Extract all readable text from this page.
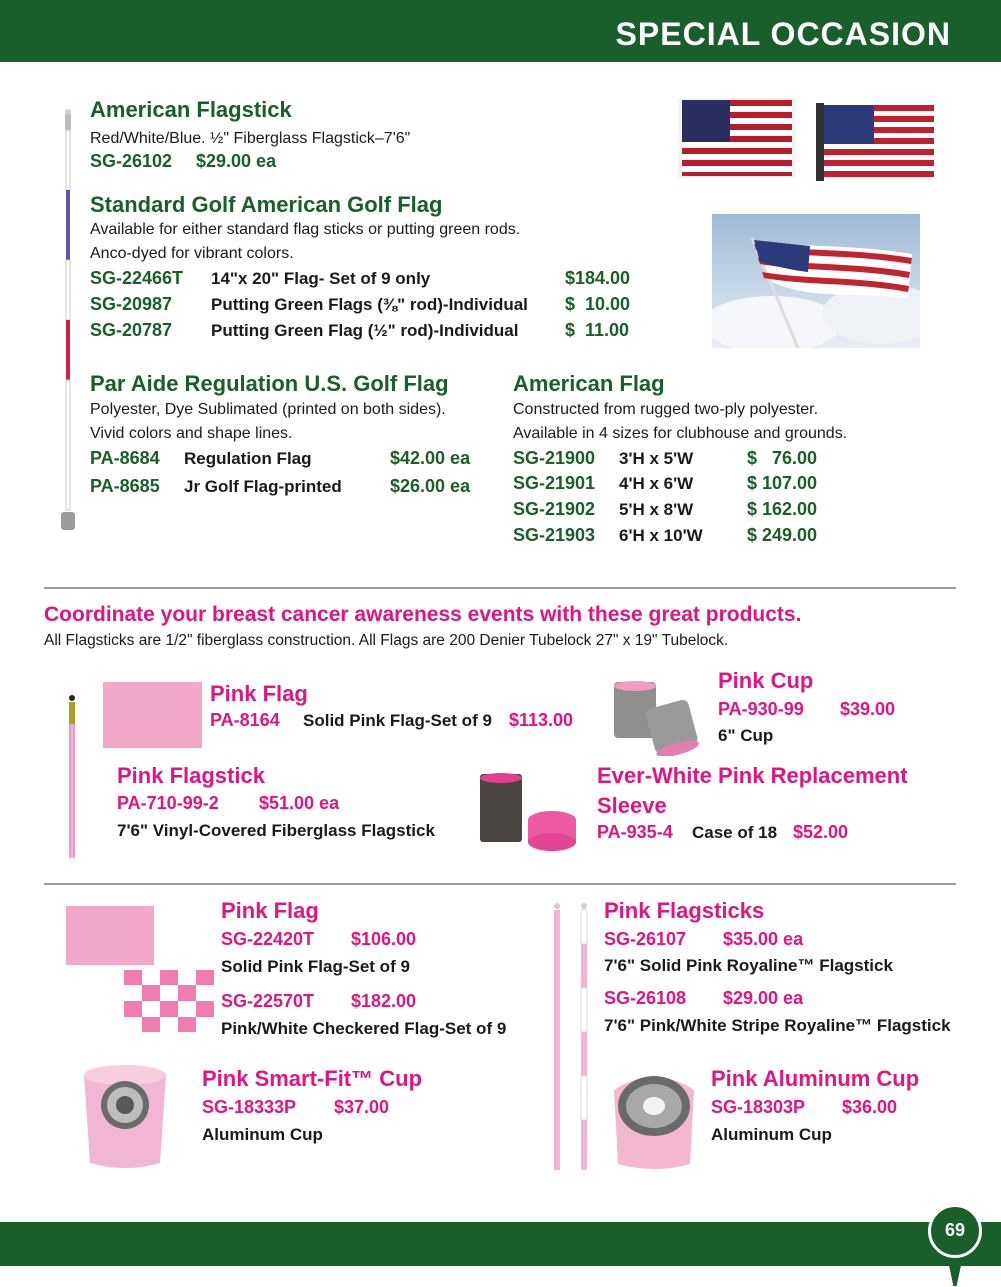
SPECIAL OCCASION
American Flagstick
Red/White/Blue. ½" Fiberglass Flagstick–7'6"
SG-26102 $29.00 ea
Standard Golf American Golf Flag
Available for either standard flag sticks or putting green rods.
Anco-dyed for vibrant colors.
SG-22466T 14"x 20" Flag- Set of 9 only	$184.00
SG-20987 Putting Green Flags (⅜" rod)-Individual $  10.00
SG-20787 Putting Green Flag (½" rod)-Individual	$  11.00
Par Aide Regulation U.S. Golf Flag
Polyester, Dye Sublimated (printed on both sides).
Vivid colors and shape lines.
PA-8684 Regulation Flag	$42.00 ea
PA-8685 Jr Golf Flag-printed	$26.00 ea
American Flag
Constructed from rugged two-ply polyester.
Available in 4 sizes for clubhouse and grounds.
SG-21900 3'H x 5'W	$   76.00
SG-21901 4'H x 6'W	$ 107.00
SG-21902 5'H x 8'W	$ 162.00
SG-21903 6'H x 10'W $ 249.00
Coordinate your breast cancer awareness events with these great products.
All Flagsticks are 1/2" fiberglass construction. All Flags are 200 Denier Tubelock 27" x 19" Tubelock.
Pink Flag
PA-8164 Solid Pink Flag-Set of 9 $113.00
Pink Cup
PA-930-99 $39.00
6" Cup
Pink Flagstick
PA-710-99-2 $51.00 ea
7'6" Vinyl-Covered Fiberglass Flagstick
Ever-White Pink Replacement
Sleeve
PA-935-4 Case of 18 $52.00
Pink Flag
SG-22420T $106.00
Solid Pink Flag-Set of 9
SG-22570T $182.00
Pink/White Checkered Flag-Set of 9
Pink Flagsticks
SG-26107 $35.00 ea
7'6" Solid Pink Royaline™ Flagstick
SG-26108 $29.00 ea
7'6" Pink/White Stripe Royaline™ Flagstick
Pink Smart-Fit™ Cup
SG-18333P $37.00
Aluminum Cup
Pink Aluminum Cup
SG-18303P $36.00
Aluminum Cup
69
